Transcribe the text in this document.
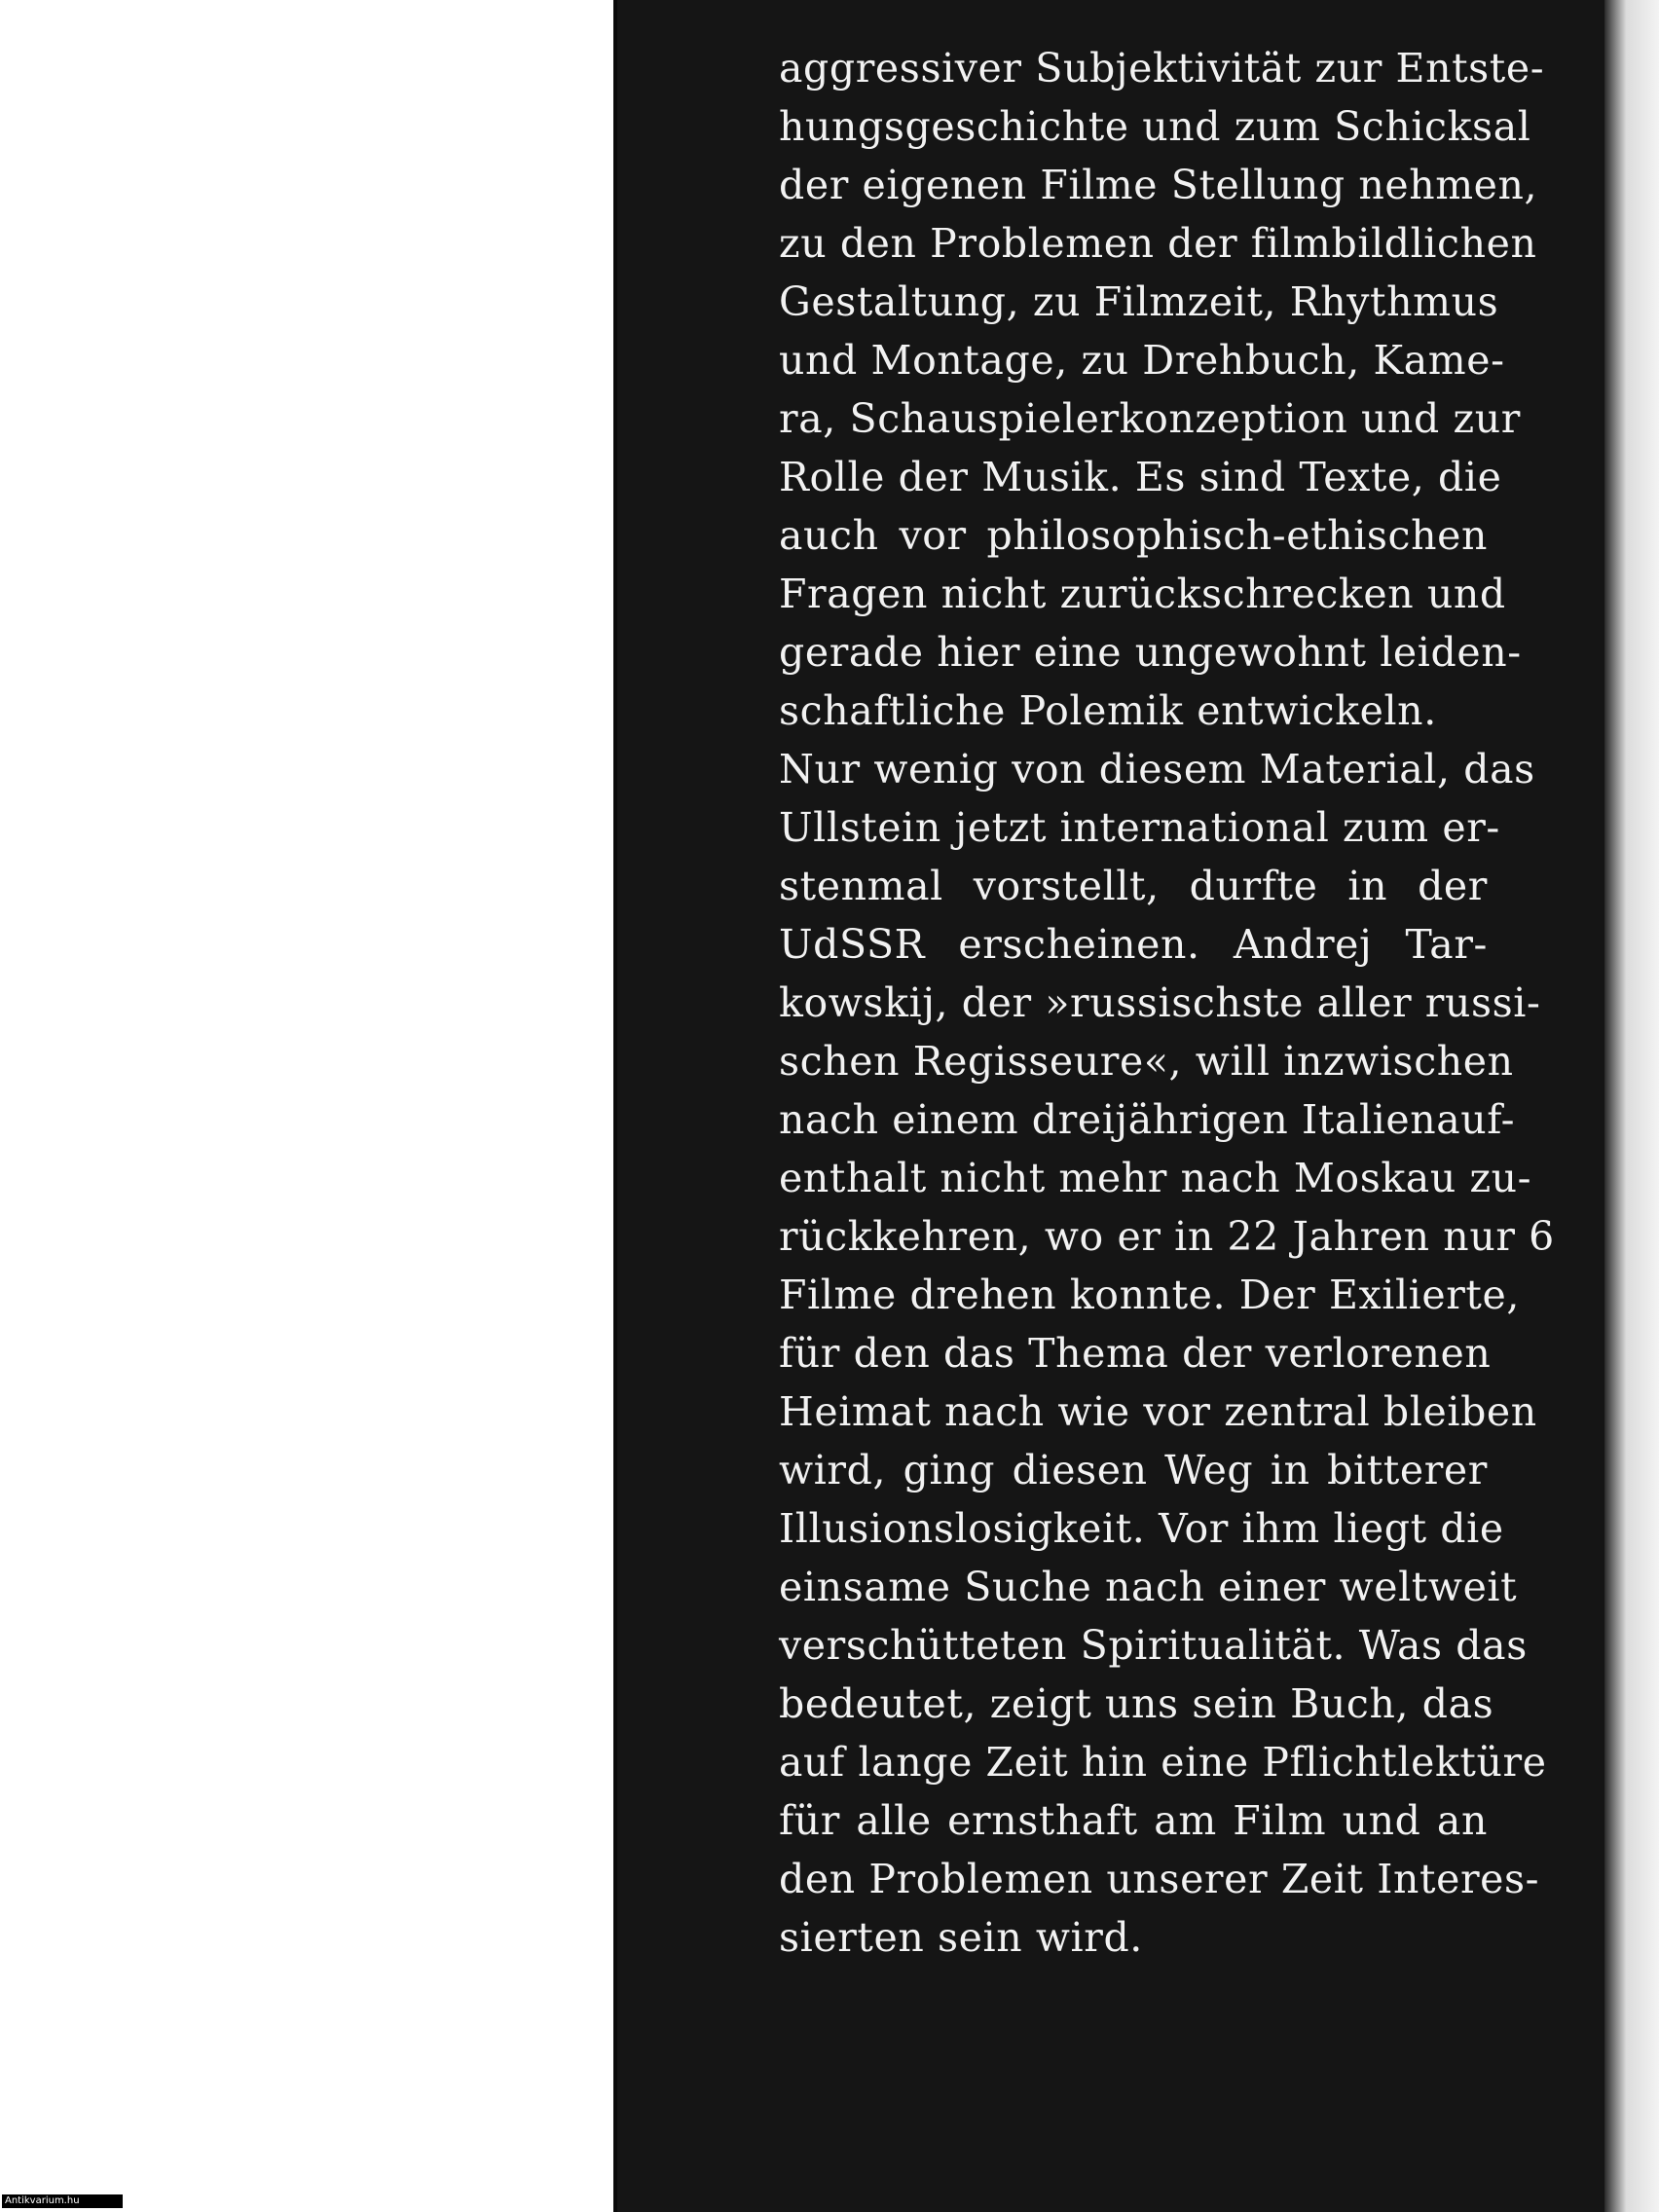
aggressiver Subjektivität zur Entste-
hungsgeschichte und zum Schicksal
der eigenen Filme Stellung nehmen,
zu den Problemen der filmbildlichen
Gestaltung, zu Filmzeit, Rhythmus
und Montage, zu Drehbuch, Kame-
ra, Schauspielerkonzeption und zur
Rolle der Musik. Es sind Texte, die
auch vor philosophisch-ethischen
Fragen nicht zurückschrecken und
gerade hier eine ungewohnt leiden-
schaftliche Polemik entwickeln.
Nur wenig von diesem Material, das
Ullstein jetzt international zum er-
stenmal vorstellt, durfte in der
UdSSR erscheinen. Andrej Tar-
kowskij, der »russischste aller russi-
schen Regisseure«, will inzwischen
nach einem dreijährigen Italienauf-
enthalt nicht mehr nach Moskau zu-
rückkehren, wo er in 22 Jahren nur 6
Filme drehen konnte. Der Exilierte,
für den das Thema der verlorenen
Heimat nach wie vor zentral bleiben
wird, ging diesen Weg in bitterer
Illusionslosigkeit. Vor ihm liegt die
einsame Suche nach einer weltweit
verschütteten Spiritualität. Was das
bedeutet, zeigt uns sein Buch, das
auf lange Zeit hin eine Pflichtlektüre
für alle ernsthaft am Film und an
den Problemen unserer Zeit Interes-
sierten sein wird.
Antikvarium.hu
